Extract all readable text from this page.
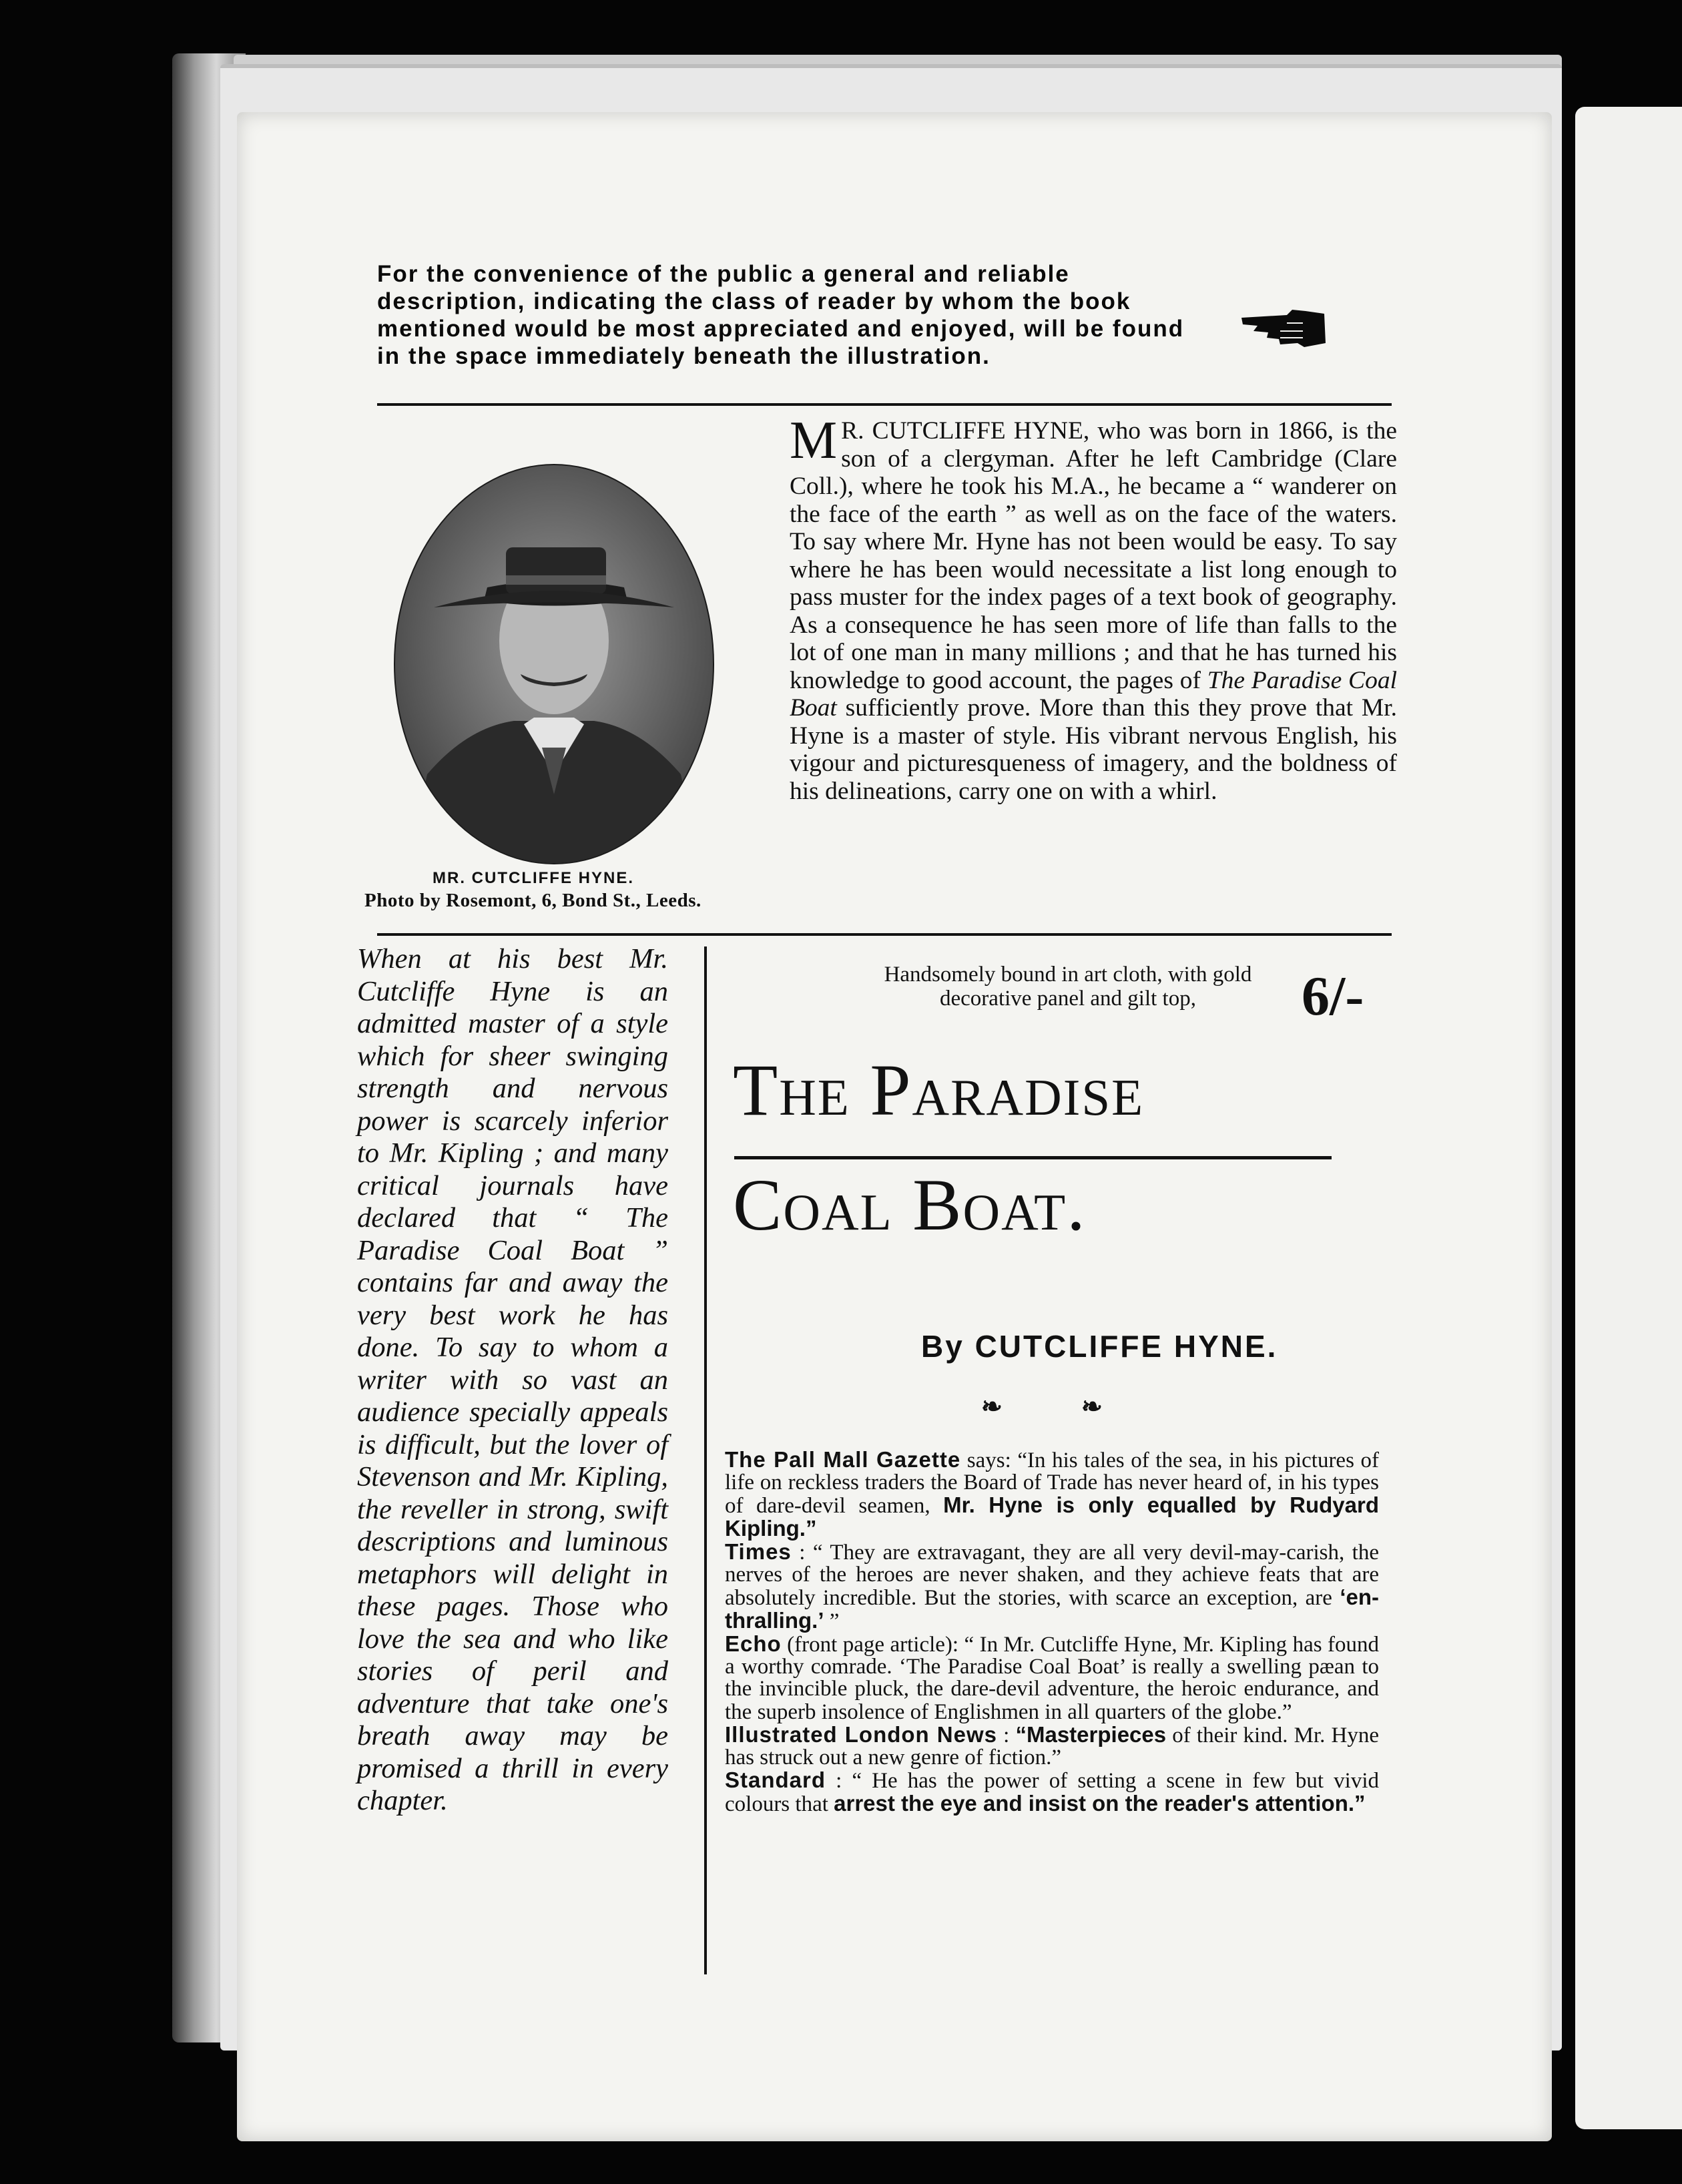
For the convenience of the public a general and reliable description, indicating the class of reader by whom the book mentioned would be most appreciated and enjoyed, will be found in the space immediately beneath the illustration.
MR. CUTCLIFFE HYNE.
Photo by Rosemont, 6, Bond St., Leeds.
M R. CUTCLIFFE HYNE, who was born in 1866, is the son of a clergyman. After he left Cambridge (Clare Coll.), where he took his M.A., he became a “ wanderer on the face of the earth ” as well as on the face of the waters. To say where Mr. Hyne has not been would be easy. To say where he has been would necessitate a list long enough to pass muster for the index pages of a text book of geography. As a consequence he has seen more of life than falls to the lot of one man in many millions ; and that he has turned his knowledge to good account, the pages of The Paradise Coal Boat sufficiently prove. More than this they prove that Mr. Hyne is a master of style. His vibrant nervous English, his vigour and picturesqueness of imagery, and the boldness of his delineations, carry one on with a whirl.
When at his best Mr. Cutcliffe Hyne is an admitted master of a style which for sheer swinging strength and nervous power is scarcely inferior to Mr. Kipling ; and many critical journals have declared that “ The Paradise Coal Boat ” contains far and away the very best work he has done. To say to whom a writer with so vast an audience specially appeals is difficult, but the lover of Stevenson and Mr. Kipling, the reveller in strong, swift descriptions and luminous metaphors will delight in these pages. Those who love the sea and who like stories of peril and adventure that take one's breath away may be promised a thrill in every chapter.
Handsomely bound in art cloth, with gold decorative panel and gilt top,	6/-
The Paradise
Coal Boat.
By CUTCLIFFE HYNE.
❧	❧

The Pall Mall Gazette says: “In his tales of the sea, in his pictures of life on reckless traders the Board of Trade has never heard of, in his types of dare-devil seamen, Mr. Hyne is only equalled by Rudyard Kipling.”

Times : “ They are extravagant, they are all very devil-may-carish, the nerves of the heroes are never shaken, and they achieve feats that are absolutely incredible. But the stories, with scarce an exception, are ‘en-thralling.’ ”

Echo (front page article): “ In Mr. Cutcliffe Hyne, Mr. Kipling has found a worthy comrade. ‘The Paradise Coal Boat’ is really a swelling pæan to the invincible pluck, the dare-devil adventure, the heroic endurance, and the superb insolence of Englishmen in all quarters of the globe.”

Illustrated London News : “Masterpieces of their kind. Mr. Hyne has struck out a new genre of fiction.”

Standard : “ He has the power of setting a scene in few but vivid colours that arrest the eye and insist on the reader's attention.”
